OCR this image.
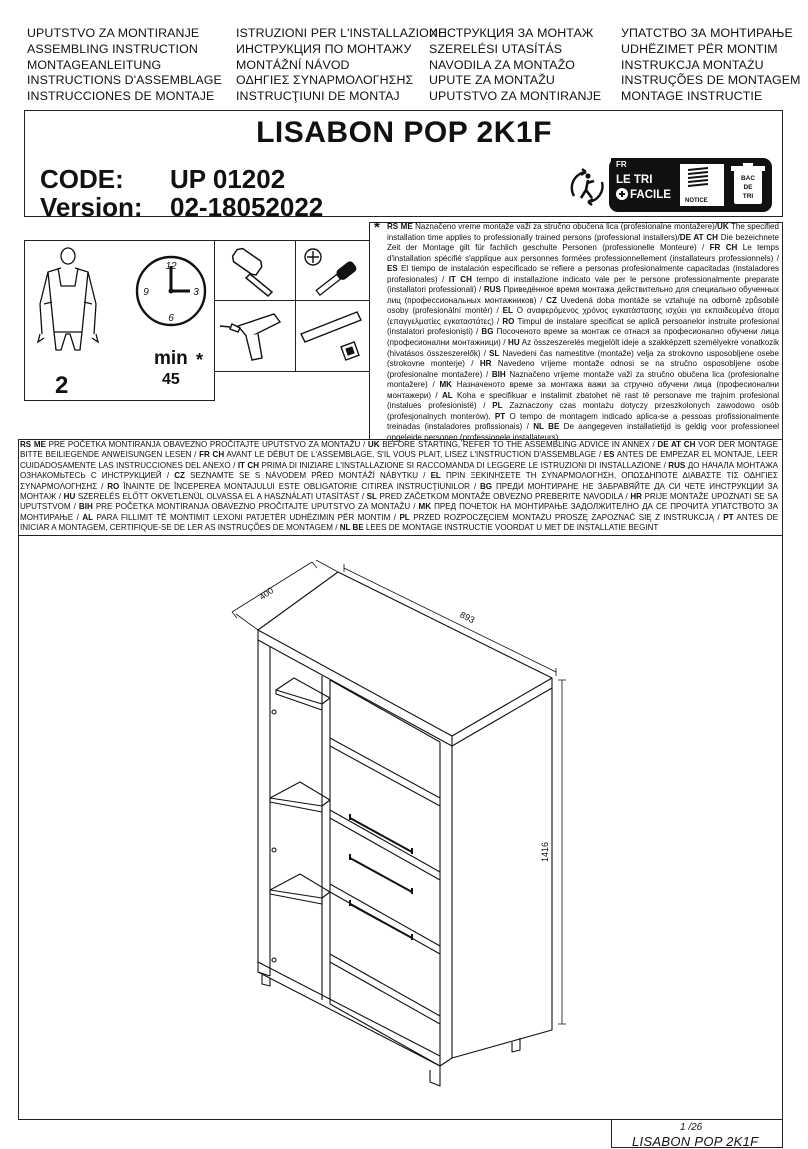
UPUTSTVO ZA MONTIRANJE
ASSEMBLING INSTRUCTION
MONTAGEANLEITUNG
INSTRUCTIONS D'ASSEMBLAGE
INSTRUCCIONES DE MONTAJE
ISTRUZIONI PER L'INSTALLAZIONE
ИНСТРУКЦИЯ ПО МОНТАЖУ
MONTÁŽNÍ NÁVOD
ΟΔΗΓΙΕΣ ΣΥΝΑΡΜΟΛΟΓΗΣΗΣ
INSTRUCŢIUNI DE MONTAJ
ИНСТРУКЦИЯ ЗА МОНТАЖ
SZERELÉSI UTASÍTÁS
NAVODILA ZA MONTAŽO
UPUTE ZA MONTAŽU
UPUTSTVO ZA MONTIRANJE
УПАТСТВО ЗА МОНТИРАЊЕ
UDHËZIMET PËR MONTIM
INSTRUKCJA MONTAŻU
INSTRUÇÕES DE MONTAGEM
MONTAGE INSTRUCTIE
LISABON POP 2K1F
CODE: UP 01202
Version: 02-18052022
FR
LE TRI
FACILE NOTICE
BAC
DE
TRI
2
12
3
6
9
min *
45
* RS ME Naznačeno vreme montaže važi za stručno obučena lica (profesionalne montažere)/UK The specified installation time applies to professionally trained persons (professional installers)/DE AT CH Die bezeichnete Zeit der Montage gilt für fachlich geschulte Personen (professionelle Monteure) / FR CH Le temps d'installation spécifié s'applique aux personnes formées professionnellement (installateurs professionnels) / ES El tiempo de instalación especificado se refiere a personas profesionalmente capacitadas (instaladores profesionales) / IT CH tempo di installazione indicato vale per le persone professionalmente preparate (installatori professionali) / RUS Приведённое время монтажа действительно для специально обученных лиц (профессиональных монтажников) / CZ Uvedená doba montáže se vztahuje na odborně způsobilé osoby (profesionální montér) / EL Ο αναφερόμενος χρόνος εγκατάστασης ισχύει για εκπαιδευμένα άτομα (επαγγελματίες εγκαταστάτες) / RO Timpul de instalare specificat se aplică persoanelor instruite profesional (instalatori profesioniști) / BG Посоченото време за монтаж се отнася за професионално обучени лица (професионални монтажници) / HU Az összeszerelés megjelölt ideje a szakképzett személyekre vonatkozik (hivatásos összeszerelők) / SL Navedeni čas namestitve (montaže) velja za strokovno usposobljene osebe (strokovne monterje) / HR Navedeno vrijeme montaže odnosi se na stručno osposobljene osobe (profesionalne montažere) / BIH Naznačeno vrijeme montaže važi za stručno obučena lica (profesionalne montažere) / MK Назначеното време за монтажа важи за стручно обучени лица (професионални монтажери) / AL Koha e specifikuar e instalimit zbatohet në rast të personave me trajnim profesional (instalues profesionistë) / PL Zaznaczony czas montażu dotyczy przeszkolonych zawodowo osób (profesjonalnych monterów). PT O tempo de montagem indicado aplica-se a pessoas profissionalmente treinadas (instaladores profissionais) / NL BE De aangegeven installatietijd is geldig voor professioneel opgeleide personen (professionele installateurs).
RS ME PRE POČETKA MONTIRANJA OBAVEZNO PROČITAJTE UPUTSTVO ZA MONTAŽU / UK BEFORE STARTING, REFER TO THE ASSEMBLING ADVICE IN ANNEX / DE AT CH VOR DER MONTAGE BITTE BEILIEGENDE ANWEISUNGEN LESEN / FR CH AVANT LE DÉBUT DE L'ASSEMBLAGE, S'IL VOUS PLAIT, LISEZ L'INSTRUCTION D'ASSEMBLAGE / ES ANTES DE EMPEZAR EL MONTAJE, LEER CUIDADOSAMENTE LAS INSTRUCCIONES DEL ANEXO / IT CH PRIMA DI INIZIARE L'INSTALLAZIONE SI RACCOMANDA DI LEGGERE LE ISTRUZIONI DI INSTALLAZIONE / RUS ДО НАЧАЛА МОНТАЖА ОЗНАКОМЬТЕСЬ С ИНСТРУКЦИЕЙ / CZ SEZNAMTE SE S NÁVODEM PŘED MONTÁŽÍ NÁBYTKU / EL ΠΡΙΝ ΞΕΚΙΝΗΣΕΤΕ ΤΗ ΣΥΝΑΡΜΟΛΟΓΗΣΗ, ΟΠΩΣΔΗΠΟΤΕ ΔΙΑΒΑΣΤΕ ΤΙΣ ΟΔΗΓΙΕΣ ΣΥΝΑΡΜΟΛΟΓΗΣΗΣ / RO ÎNAINTE DE ÎNCEPEREA MONTAJULUI ESTE OBLIGATORIE CITIREA INSTRUCŢIUNILOR / BG ПРЕДИ МОНТИРАНЕ НЕ ЗАБРАВЯЙТЕ ДА СИ ЧЕТЕ ИНСТРУКЦИИ ЗА МОНТАЖ / HU SZERELÉS ELŐTT OKVETLENÜL OLVASSA EL A HASZNÁLATI UTASÍTÁST / SL PRED ZAČETKOM MONTAŽE OBVEZNO PREBERITE NAVODILA / HR PRIJE MONTAŽE UPOZNATI SE SA UPUTSTVOM / BIH PRE POČETKA MONTIRANJA OBAVEZNO PROČITAJTE UPUTSTVO ZA MONTAŽU / MK ПРЕД ПОЧЕТОК НА МОНТИРАЊЕ ЗАДОЛЖИТЕЛНО ДА СЕ ПРОЧИТА УПАТСТВОТО ЗА МОНТИРАЊЕ / AL PARA FILLIMIT TË MONTIMIT LEXONI PATJETËR UDHËZIMIN PËR MONTIM / PL PRZED ROZPOCZĘCIEM MONTAŻU PROSZĘ ZAPOZNAĆ SIĘ Z INSTRUKCJĄ / PT ANTES DE INICIAR A MONTAGEM, CERTIFIQUE-SE DE LER AS INSTRUÇÕES DE MONTAGEM / NL BE LEES DE MONTAGE INSTRUCTIE VOORDAT U MET DE INSTALLATIE BEGINT
400
893
1416
1 /26
LISABON POP 2K1F
